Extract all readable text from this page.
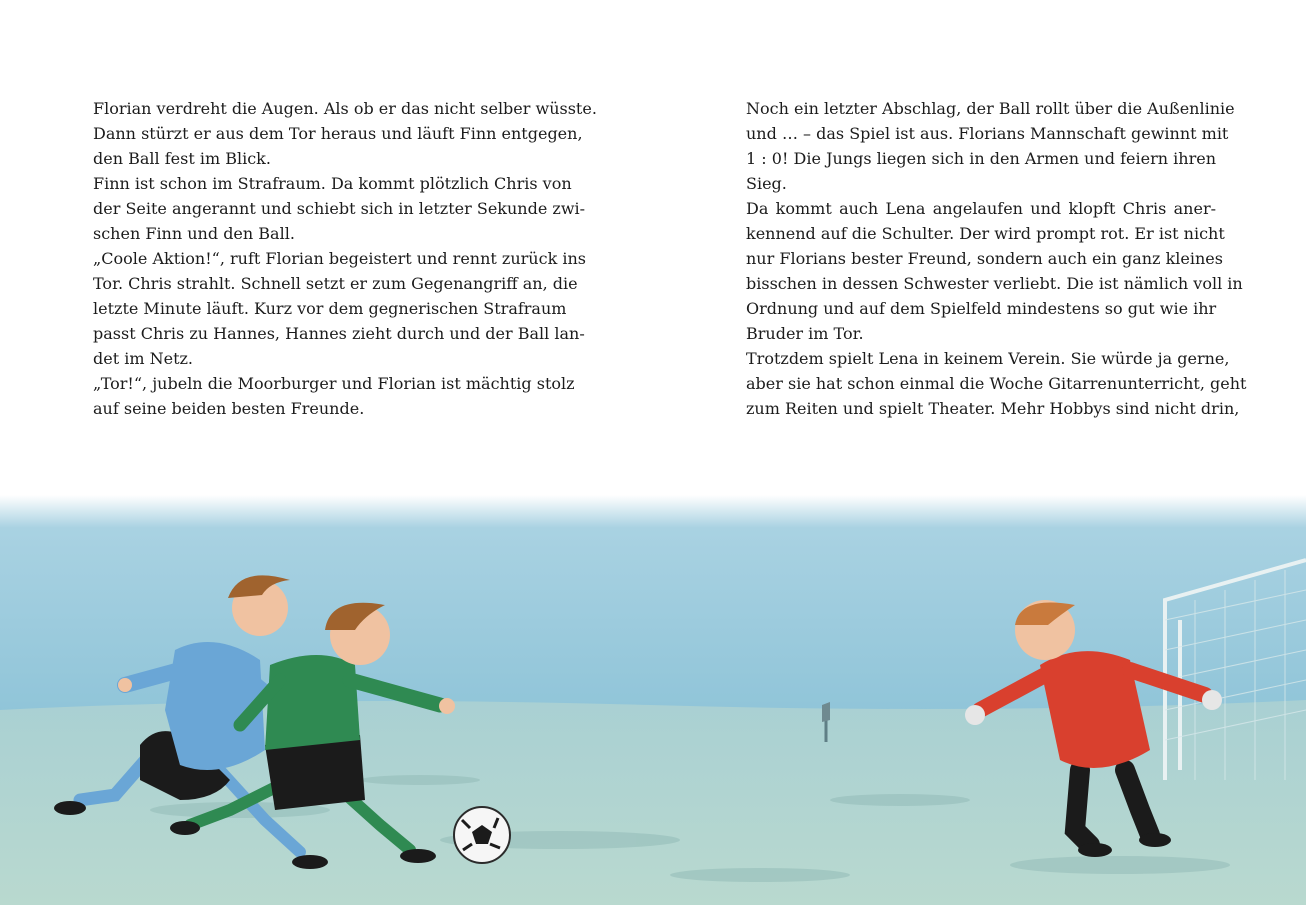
Florian verdreht die Augen. Als ob er das nicht selber wüsste.
Dann stürzt er aus dem Tor heraus und läuft Finn entgegen,
den Ball fest im Blick.
Finn ist schon im Strafraum. Da kommt plötzlich Chris von
der Seite angerannt und schiebt sich in letzter Sekunde zwi-
schen Finn und den Ball.
„Coole Aktion!“, ruft Florian begeistert und rennt zurück ins
Tor. Chris strahlt. Schnell setzt er zum Gegenangriff an, die
letzte Minute läuft. Kurz vor dem gegnerischen Strafraum
passt Chris zu Hannes, Hannes zieht durch und der Ball lan-
det im Netz.
„Tor!“, jubeln die Moorburger und Florian ist mächtig stolz
auf seine beiden besten Freunde.
Noch ein letzter Abschlag, der Ball rollt über die Außenlinie
und … – das Spiel ist aus. Florians Mannschaft gewinnt mit
1 : 0! Die Jungs liegen sich in den Armen und feiern ihren
Sieg.
Da kommt auch Lena angelaufen und klopft Chris aner-
kennend auf die Schulter. Der wird prompt rot. Er ist nicht
nur Florians bester Freund, sondern auch ein ganz kleines
bisschen in dessen Schwester verliebt. Die ist nämlich voll in
Ordnung und auf dem Spielfeld mindestens so gut wie ihr
Bruder im Tor.
Trotzdem spielt Lena in keinem Verein. Sie würde ja gerne,
aber sie hat schon einmal die Woche Gitarrenunterricht, geht
zum Reiten und spielt Theater. Mehr Hobbys sind nicht drin,
